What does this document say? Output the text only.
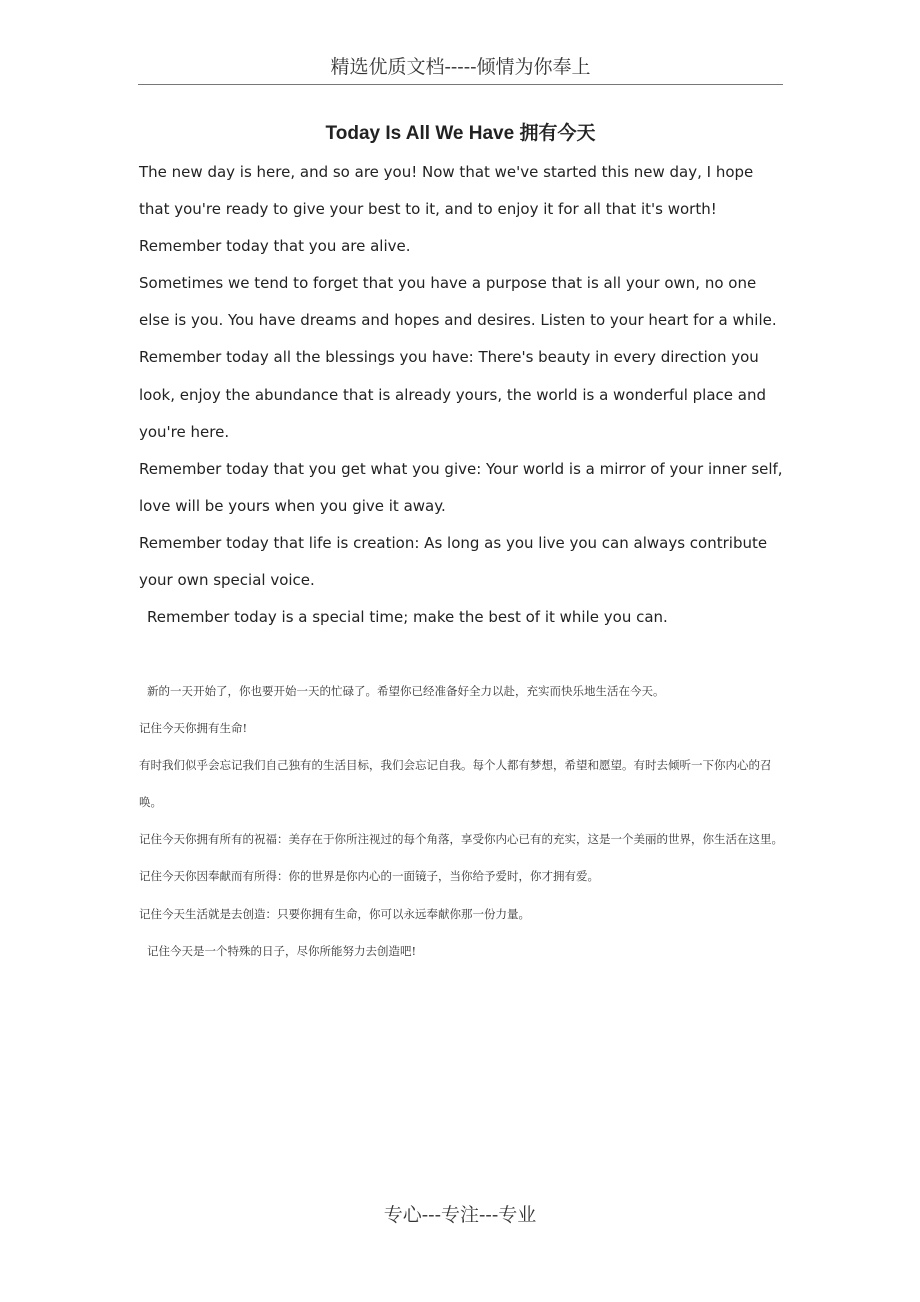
精选优质文档-----倾情为你奉上
Today Is All We Have 拥有今天

The new day is here, and so are you! Now that we've started this new day, I hope that you're ready to give your best to it, and to enjoy it for all that it's worth!

Remember today that you are alive.

Sometimes we tend to forget that you have a purpose that is all your own, no one else is you. You have dreams and hopes and desires. Listen to your heart for a while.

Remember today all the blessings you have: There's beauty in every direction you look, enjoy the abundance that is already yours, the world is a wonderful place and you're here.

Remember today that you get what you give: Your world is a mirror of your inner self, love will be yours when you give it away.

Remember today that life is creation: As long as you live you can always contribute your own special voice.

Remember today is a special time; make the best of it while you can.

新的一天开始了，你也要开始一天的忙碌了。希望你已经准备好全力以赴，充实而快乐地生活在今天。

记住今天你拥有生命!

有时我们似乎会忘记我们自己独有的生活目标，我们会忘记自我。每个人都有梦想，希望和愿望。有时去倾听一下你内心的召唤。

记住今天你拥有所有的祝福：美存在于你所注视过的每个角落，享受你内心已有的充实，这是一个美丽的世界，你生活在这里。

记住今天你因奉献而有所得：你的世界是你内心的一面镜子，当你给予爱时，你才拥有爱。

记住今天生活就是去创造：只要你拥有生命，你可以永远奉献你那一份力量。

记住今天是一个特殊的日子，尽你所能努力去创造吧!

专心---专注---专业
